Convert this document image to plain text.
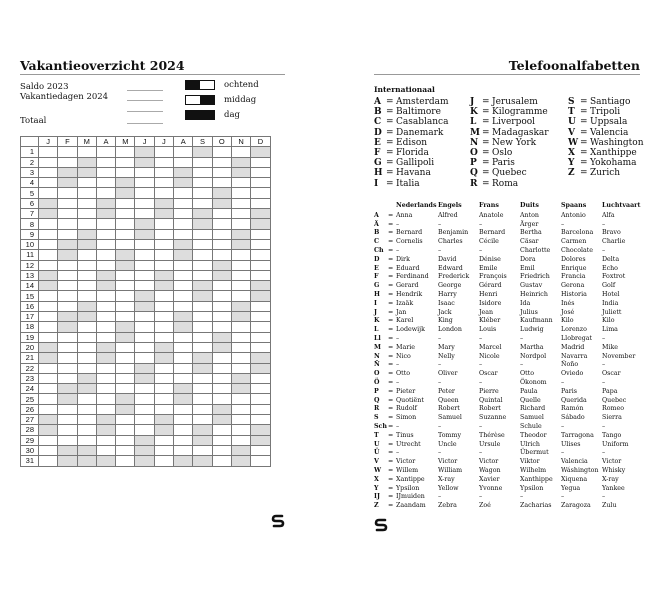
Vakantieoverzicht 2024
Saldo 2023
Vakantiedagen 2024
Totaal
ochtend
middag
dag
	J	F	M	A	M	J	J	A	S	O	N	D
1												
2												
3												
4												
5												
6												
7												
8												
9												
10												
11												
12												
13												
14												
15												
16												
17												
18												
19												
20												
21												
22												
23												
24												
25												
26												
27												
28												
29												
30												
31												
Telefoonalfabetten
Internationaal
A = Amsterdam
B = Baltimore
C = Casablanca
D = Danemark
E = Edison
F = Florida
G = Gallipoli
H = Havana
I = Italia
J = Jerusalem
K = Kilogramme
L = Liverpool
M = Madagaskar
N = New York
O = Oslo
P = Paris
Q = Quebec
R = Roma
S = Santiago
T = Tripoli
U = Uppsala
V = Valencia
W = Washington
X = Xanthippe
Y = Yokohama
Z = Zurich
		Nederlands	Engels	Frans	Duits	Spaans	Luchtvaart
A	=	Anna	Alfred	Anatole	Anton	Antonio	Alfa
Ä	=	–	–	–	Ärger	–	–
B	=	Bernard	Benjamin	Bernard	Bertha	Barcelona	Bravo
C	=	Cornelis	Charles	Cécile	Cäsar	Carmen	Charlie
Ch	=	–	–	–	Charlotte	Chocolate	–
D	=	Dirk	David	Dénise	Dora	Dolores	Delta
E	=	Eduard	Edward	Emile	Emil	Enrique	Echo
F	=	Ferdinand	Frederick	François	Friedrich	Francia	Foxtrot
G	=	Gerard	George	Gérard	Gustav	Gerona	Golf
H	=	Hendrik	Harry	Henri	Heinrich	Historia	Hotel
I	=	Izaäk	Isaac	Isidore	Ida	Inés	India
J	=	Jan	Jack	Jean	Julius	José	Juliett
K	=	Karel	King	Kléber	Kaufmann	Kilo	Kilo
L	=	Lodewijk	London	Louis	Ludwig	Lorenzo	Lima
Ll	=	–	–	–	–	Llobregat	–
M	=	Marie	Mary	Marcel	Martha	Madrid	Mike
N	=	Nico	Nelly	Nicole	Nordpol	Navarra	November
Ñ	=	–	–	–	–	Ñoño	–
O	=	Otto	Oliver	Oscar	Otto	Oviedo	Oscar
Ö	=	–	–	–	Ökonom	–	–
P	=	Pieter	Peter	Pierre	Paula	Paris	Papa
Q	=	Quotiënt	Queen	Quintal	Quelle	Querida	Quebec
R	=	Rudolf	Robert	Robert	Richard	Ramón	Romeo
S	=	Simon	Samuel	Suzanne	Samuel	Sábado	Sierra
Sch	=	–	–	–	Schule	–	–
T	=	Tinus	Tommy	Thérèse	Theodor	Tarragona	Tango
U	=	Utrecht	Uncle	Ursule	Ulrich	Ulises	Uniform
Ü	=	–	–	–	Übermut	–	–
V	=	Victor	Victor	Victor	Viktor	Valencia	Victor
W	=	Willem	William	Wagon	Wilhelm	Wáshington	Whisky
X	=	Xantippe	X-ray	Xavier	Xanthippe	Xiquena	X-ray
Y	=	Ypsilon	Yellow	Yvonne	Ypsilon	Yegua	Yankee
IJ	=	IJmuiden	–	–	–	–	–
Z	=	Zaandam	Zebra	Zoé	Zacharias	Zaragoza	Zulu
